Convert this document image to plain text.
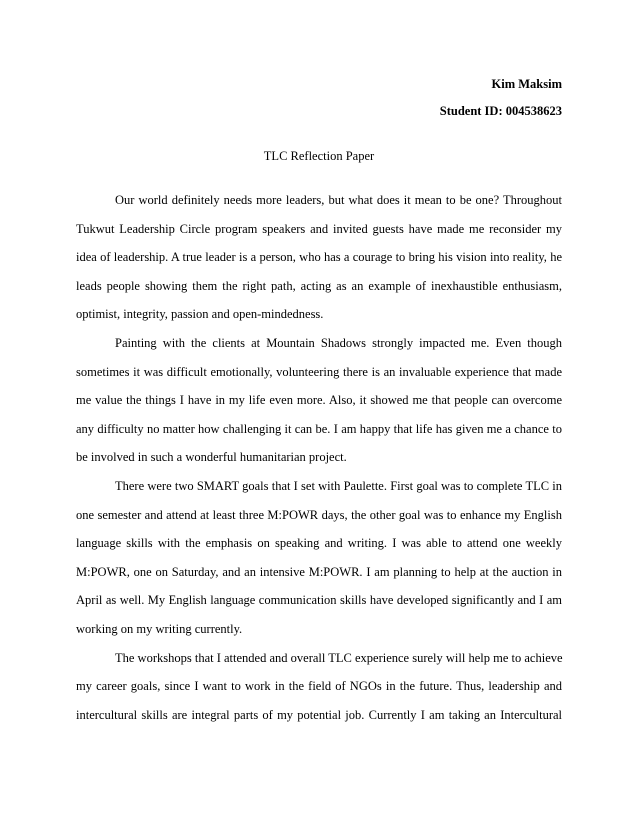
Kim Maksim
Student ID: 004538623
TLC Reflection Paper
Our world definitely needs more leaders, but what does it mean to be one? Throughout
Tukwut Leadership Circle program speakers and invited guests have made me reconsider my
idea of leadership. A true leader is a person, who has a courage to bring his vision into reality, he
leads people showing them the right path, acting as an example of inexhaustible enthusiasm,
optimist, integrity, passion and open-mindedness.
Painting with the clients at Mountain Shadows strongly impacted me. Even though
sometimes it was difficult emotionally, volunteering there is an invaluable experience that made
me value the things I have in my life even more. Also, it showed me that people can overcome
any difficulty no matter how challenging it can be. I am happy that life has given me a chance to
be involved in such a wonderful humanitarian project.
There were two SMART goals that I set with Paulette. First goal was to complete TLC in
one semester and attend at least three M:POWR days, the other goal was to enhance my English
language skills with the emphasis on speaking and writing. I was able to attend one weekly
M:POWR, one on Saturday, and an intensive M:POWR. I am planning to help at the auction in
April as well. My English language communication skills have developed significantly and I am
working on my writing currently.
The workshops that I attended and overall TLC experience surely will help me to achieve
my career goals, since I want to work in the field of NGOs in the future. Thus, leadership and
intercultural skills are integral parts of my potential job. Currently I am taking an Intercultural
